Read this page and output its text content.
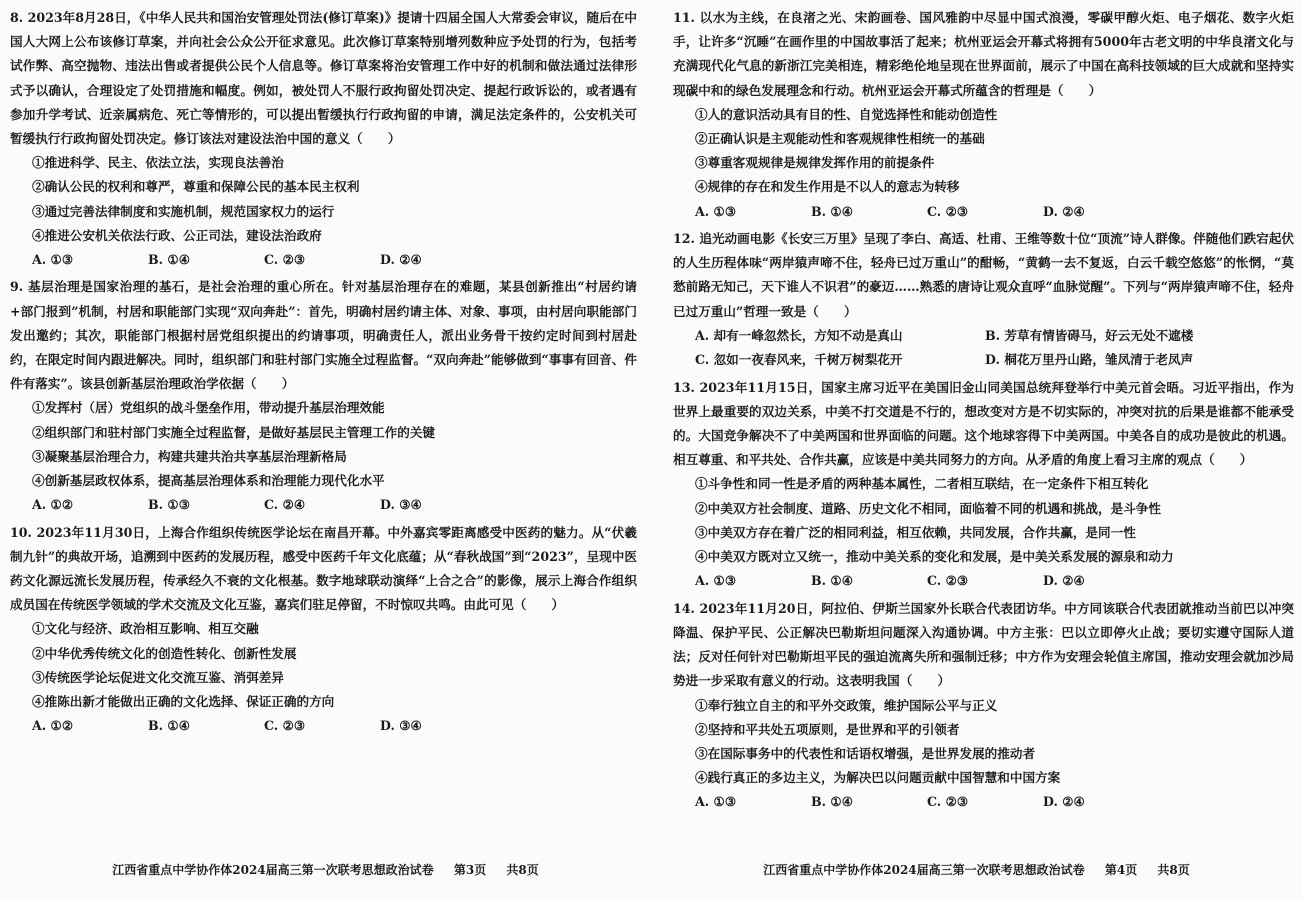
8. 2023年8月28日，《中华人民共和国治安管理处罚法(修订草案)》提请十四届全国人大常委会审议，随后在中国人大网上公布该修订草案，并向社会公众公开征求意见。此次修订草案特别增列数种应予处罚的行为，包括考试作弊、高空抛物、违法出售或者提供公民个人信息等。修订草案将治安管理工作中好的机制和做法通过法律形式予以确认，合理设定了处罚措施和幅度。例如，被处罚人不服行政拘留处罚决定、提起行政诉讼的，或者遇有参加升学考试、近亲属病危、死亡等情形的，可以提出暂缓执行行政拘留的申请，满足法定条件的，公安机关可暂缓执行行政拘留处罚决定。修订该法对建设法治中国的意义（　　）

①推进科学、民主、依法立法，实现良法善治

②确认公民的权利和尊严，尊重和保障公民的基本民主权利

③通过完善法律制度和实施机制，规范国家权力的运行

④推进公安机关依法行政、公正司法，建设法治政府

A. ①③	B. ①④	C. ②③	D. ②④

9. 基层治理是国家治理的基石，是社会治理的重心所在。针对基层治理存在的难题，某县创新推出“村居约请+部门报到”机制，村居和职能部门实现“双向奔赴”：首先，明确村居约请主体、对象、事项，由村居向职能部门发出邀约；其次，职能部门根据村居党组织提出的约请事项，明确责任人，派出业务骨干按约定时间到村居赴约，在限定时间内跟进解决。同时，组织部门和驻村部门实施全过程监督。“双向奔赴”能够做到“事事有回音、件件有落实”。该县创新基层治理政治学依据（　　）

①发挥村（居）党组织的战斗堡垒作用，带动提升基层治理效能

②组织部门和驻村部门实施全过程监督，是做好基层民主管理工作的关键

③凝聚基层治理合力，构建共建共治共享基层治理新格局

④创新基层政权体系，提高基层治理体系和治理能力现代化水平

A. ①②	B. ①③	C. ②④	D. ③④

10. 2023年11月30日，上海合作组织传统医学论坛在南昌开幕。中外嘉宾零距离感受中医药的魅力。从“伏羲制九针”的典故开场，追溯到中医药的发展历程，感受中医药千年文化底蕴；从“春秋战国”到“2023”，呈现中医药文化源远流长发展历程，传承经久不衰的文化根基。数字地球联动演绎“上合之合”的影像，展示上海合作组织成员国在传统医学领域的学术交流及文化互鉴，嘉宾们驻足停留，不时惊叹共鸣。由此可见（　　）

①文化与经济、政治相互影响、相互交融

②中华优秀传统文化的创造性转化、创新性发展

③传统医学论坛促进文化交流互鉴、消弭差异

④推陈出新才能做出正确的文化选择、保证正确的方向

A. ①②	B. ①④	C. ②③	D. ③④
江西省重点中学协作体2024届高三第一次联考思想政治试卷 第3页 共8页

11. 以水为主线，在良渚之光、宋韵画卷、国风雅韵中尽显中国式浪漫，零碳甲醇火炬、电子烟花、数字火炬手，让许多“沉睡”在画作里的中国故事活了起来；杭州亚运会开幕式将拥有5000年古老文明的中华良渚文化与充满现代化气息的新浙江完美相连，精彩绝伦地呈现在世界面前，展示了中国在高科技领域的巨大成就和坚持实现碳中和的绿色发展理念和行动。杭州亚运会开幕式所蕴含的哲理是（　　）

①人的意识活动具有目的性、自觉选择性和能动创造性

②正确认识是主观能动性和客观规律性相统一的基础

③尊重客观规律是规律发挥作用的前提条件

④规律的存在和发生作用是不以人的意志为转移

A. ①③	B. ①④	C. ②③	D. ②④

12. 追光动画电影《长安三万里》呈现了李白、高适、杜甫、王维等数十位“顶流”诗人群像。伴随他们跌宕起伏的人生历程体味“两岸猿声啼不住，轻舟已过万重山”的酣畅，“黄鹤一去不复返，白云千载空悠悠”的怅惘，“莫愁前路无知己，天下谁人不识君”的豪迈……熟悉的唐诗让观众直呼“血脉觉醒”。下列与“两岸猿声啼不住，轻舟已过万重山”哲理一致是（　　）

A. 却有一峰忽然长，方知不动是真山	B. 芳草有情皆碍马，好云无处不遮楼
C. 忽如一夜春风来，千树万树梨花开	D. 桐花万里丹山路，雏凤清于老凤声

13. 2023年11月15日，国家主席习近平在美国旧金山同美国总统拜登举行中美元首会晤。习近平指出，作为世界上最重要的双边关系，中美不打交道是不行的，想改变对方是不切实际的，冲突对抗的后果是谁都不能承受的。大国竞争解决不了中美两国和世界面临的问题。这个地球容得下中美两国。中美各自的成功是彼此的机遇。相互尊重、和平共处、合作共赢，应该是中美共同努力的方向。从矛盾的角度上看习主席的观点（　　）

①斗争性和同一性是矛盾的两种基本属性，二者相互联结，在一定条件下相互转化

②中美双方社会制度、道路、历史文化不相同，面临着不同的机遇和挑战，是斗争性

③中美双方存在着广泛的相同利益，相互依赖，共同发展，合作共赢，是同一性

④中美双方既对立又统一，推动中美关系的变化和发展，是中美关系发展的源泉和动力

A. ①③	B. ①④	C. ②③	D. ②④

14. 2023年11月20日，阿拉伯、伊斯兰国家外长联合代表团访华。中方同该联合代表团就推动当前巴以冲突降温、保护平民、公正解决巴勒斯坦问题深入沟通协调。中方主张：巴以立即停火止战；要切实遵守国际人道法；反对任何针对巴勒斯坦平民的强迫流离失所和强制迁移；中方作为安理会轮值主席国，推动安理会就加沙局势进一步采取有意义的行动。这表明我国（　　）

①奉行独立自主的和平外交政策，维护国际公平与正义

②坚持和平共处五项原则，是世界和平的引领者

③在国际事务中的代表性和话语权增强，是世界发展的推动者

④践行真正的多边主义，为解决巴以问题贡献中国智慧和中国方案

A. ①③	B. ①④	C. ②③	D. ②④
江西省重点中学协作体2024届高三第一次联考思想政治试卷 第4页 共8页
